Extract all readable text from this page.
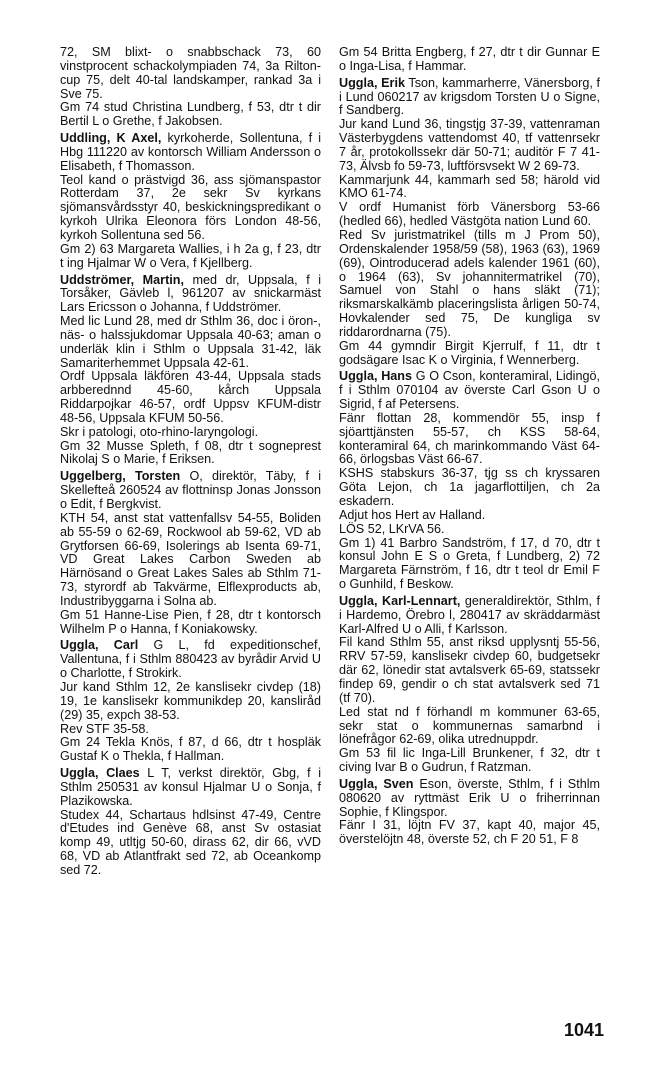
72, SM blixt- o snabbschack 73, 60 vinstprocent schackolympiaden 74, 3a Rilton-cup 75, delt 40-tal landskamper, rankad 3a i Sve 75.

Gm 74 stud Christina Lundberg, f 53, dtr t dir Bertil L o Grethe, f Jakobsen.

Uddling, K Axel, kyrkoherde, Sollentuna, f i Hbg 111220 av kontorsch William Andersson o Elisabeth, f Thomasson.

Teol kand o prästvigd 36, ass sjömanspastor Rotterdam 37, 2e sekr Sv kyrkans sjömansvårdsstyr 40, beskickningspredikant o kyrkoh Ulrika Eleonora förs London 48-56, kyrkoh Sollentuna sed 56.

Gm 2) 63 Margareta Wallies, i h 2a g, f 23, dtr t ing Hjalmar W o Vera, f Kjellberg.

Uddströmer, Martin, med dr, Uppsala, f i Torsåker, Gävleb l, 961207 av snickarmäst Lars Ericsson o Johanna, f Uddströmer.

Med lic Lund 28, med dr Sthlm 36, doc i öron-, näs- o halssjukdomar Uppsala 40-63; aman o underläk klin i Sthlm o Uppsala 31-42, läk Samariterhemmet Uppsala 42-61.

Ordf Uppsala läkfören 43-44, Uppsala stads arbberednnd 45-60, kårch Uppsala Riddarpojkar 46-57, ordf Uppsv KFUM-distr 48-56, Uppsala KFUM 50-56.

Skr i patologi, oto-rhino-laryngologi.

Gm 32 Musse Spleth, f 08, dtr t sogneprest Nikolaj S o Marie, f Eriksen.

Uggelberg, Torsten O, direktör, Täby, f i Skellefteå 260524 av flottninsp Jonas Jonsson o Edit, f Bergkvist.

KTH 54, anst stat vattenfallsv 54-55, Boliden ab 55-59 o 62-69, Rockwool ab 59-62, VD ab Grytforsen 66-69, Isolerings ab Isenta 69-71, VD Great Lakes Carbon Sweden ab Härnösand o Great Lakes Sales ab Sthlm 71-73, styrordf ab Takvärme, Elflexproducts ab, Industribyggarna i Solna ab.

Gm 51 Hanne-Lise Pien, f 28, dtr t kontorsch Wilhelm P o Hanna, f Koniakowsky.

Uggla, Carl G L, fd expeditionschef, Vallentuna, f i Sthlm 880423 av byrådir Arvid U o Charlotte, f Strokirk.

Jur kand Sthlm 12, 2e kanslisekr civdep (18) 19, 1e kanslisekr kommunikdep 20, kanslіråd (29) 35, expch 38-53.

Rev STF 35-58.

Gm 24 Tekla Knös, f 87, d 66, dtr t hospläk Gustaf K o Thekla, f Hallman.

Uggla, Claes L T, verkst direktör, Gbg, f i Sthlm 250531 av konsul Hjalmar U o Sonja, f Plazikowska.

Studex 44, Schartaus hdlsinst 47-49, Centre d'Etudes ind Genève 68, anst Sv ostasiat komp 49, utltjg 50-60, dirass 62, dir 66, vVD 68, VD ab Atlantfrakt sed 72, ab Oceankomp sed 72.

Gm 54 Britta Engberg, f 27, dtr t dir Gunnar E o Inga-Lisa, f Hammar.

Uggla, Erik Tson, kammarherre, Vänersborg, f i Lund 060217 av krigsdom Torsten U o Signe, f Sandberg.

Jur kand Lund 36, tingstjg 37-39, vattenraman Västerbygdens vattendomst 40, tf vattenrsekr 7 år, protokollssekr där 50-71; auditör F 7 41-73, Älvsb fo 59-73, luftförsvsekt W 2 69-73.

Kammarjunk 44, kammarh sed 58; härold vid KMO 61-74.

V ordf Humanist förb Vänersborg 53-66 (hedled 66), hedled Västgöta nation Lund 60.

Red Sv juristmatrikel (tills m J Prom 50), Ordenskalender 1958/59 (58), 1963 (63), 1969 (69), Ointroducerad adels kalender 1961 (60), o 1964 (63), Sv johannitermatrikel (70), Samuel von Stahl o hans släkt (71); riksmarskalkämb placeringslista årligen 50-74, Hovkalender sed 75, De kungliga sv riddarordnarna (75).

Gm 44 gymndir Birgit Kjerrulf, f 11, dtr t godsägare Isac K o Virginia, f Wennerberg.

Uggla, Hans G O Cson, konteramiral, Lidingö, f i Sthlm 070104 av överste Carl Gson U o Sigrid, f af Petersens.

Fänr flottan 28, kommendör 55, insp f sjöarttjänsten 55-57, ch KSS 58-64, konteramiral 64, ch marinkommando Väst 64-66, örlogsbas Väst 66-67.

KSHS stabskurs 36-37, tjg ss ch kryssaren Göta Lejon, ch 1a jagarflottiljen, ch 2a eskadern.

Adjut hos Hert av Halland.

LÖS 52, LKrVA 56.

Gm 1) 41 Barbro Sandström, f 17, d 70, dtr t konsul John E S o Greta, f Lundberg, 2) 72 Margareta Färnström, f 16, dtr t teol dr Emil F o Gunhild, f Beskow.

Uggla, Karl-Lennart, generaldirektör, Sthlm, f i Hardemo, Örebro l, 280417 av skräddarmäst Karl-Alfred U o Alli, f Karlsson.

Fil kand Sthlm 55, anst riksd upplysntj 55-56, RRV 57-59, kanslisekr civdep 60, budgetsekr där 62, lönedir stat avtalsverk 65-69, statssekr findep 69, gendir o ch stat avtalsverk sed 71 (tf 70).

Led stat nd f förhandl m kommuner 63-65, sekr stat o kommunernas samarbnd i lönefrågor 62-69, olika utrednuppdr.

Gm 53 fil lic Inga-Lill Brunkener, f 32, dtr t civing Ivar B o Gudrun, f Ratzman.

Uggla, Sven Eson, överste, Sthlm, f i Sthlm 080620 av ryttmäst Erik U o friherrinnan Sophie, f Klingspor.

Fänr I 31, löjtn FV 37, kapt 40, major 45, överstelöjtn 48, överste 52, ch F 20 51, F 8

1041
